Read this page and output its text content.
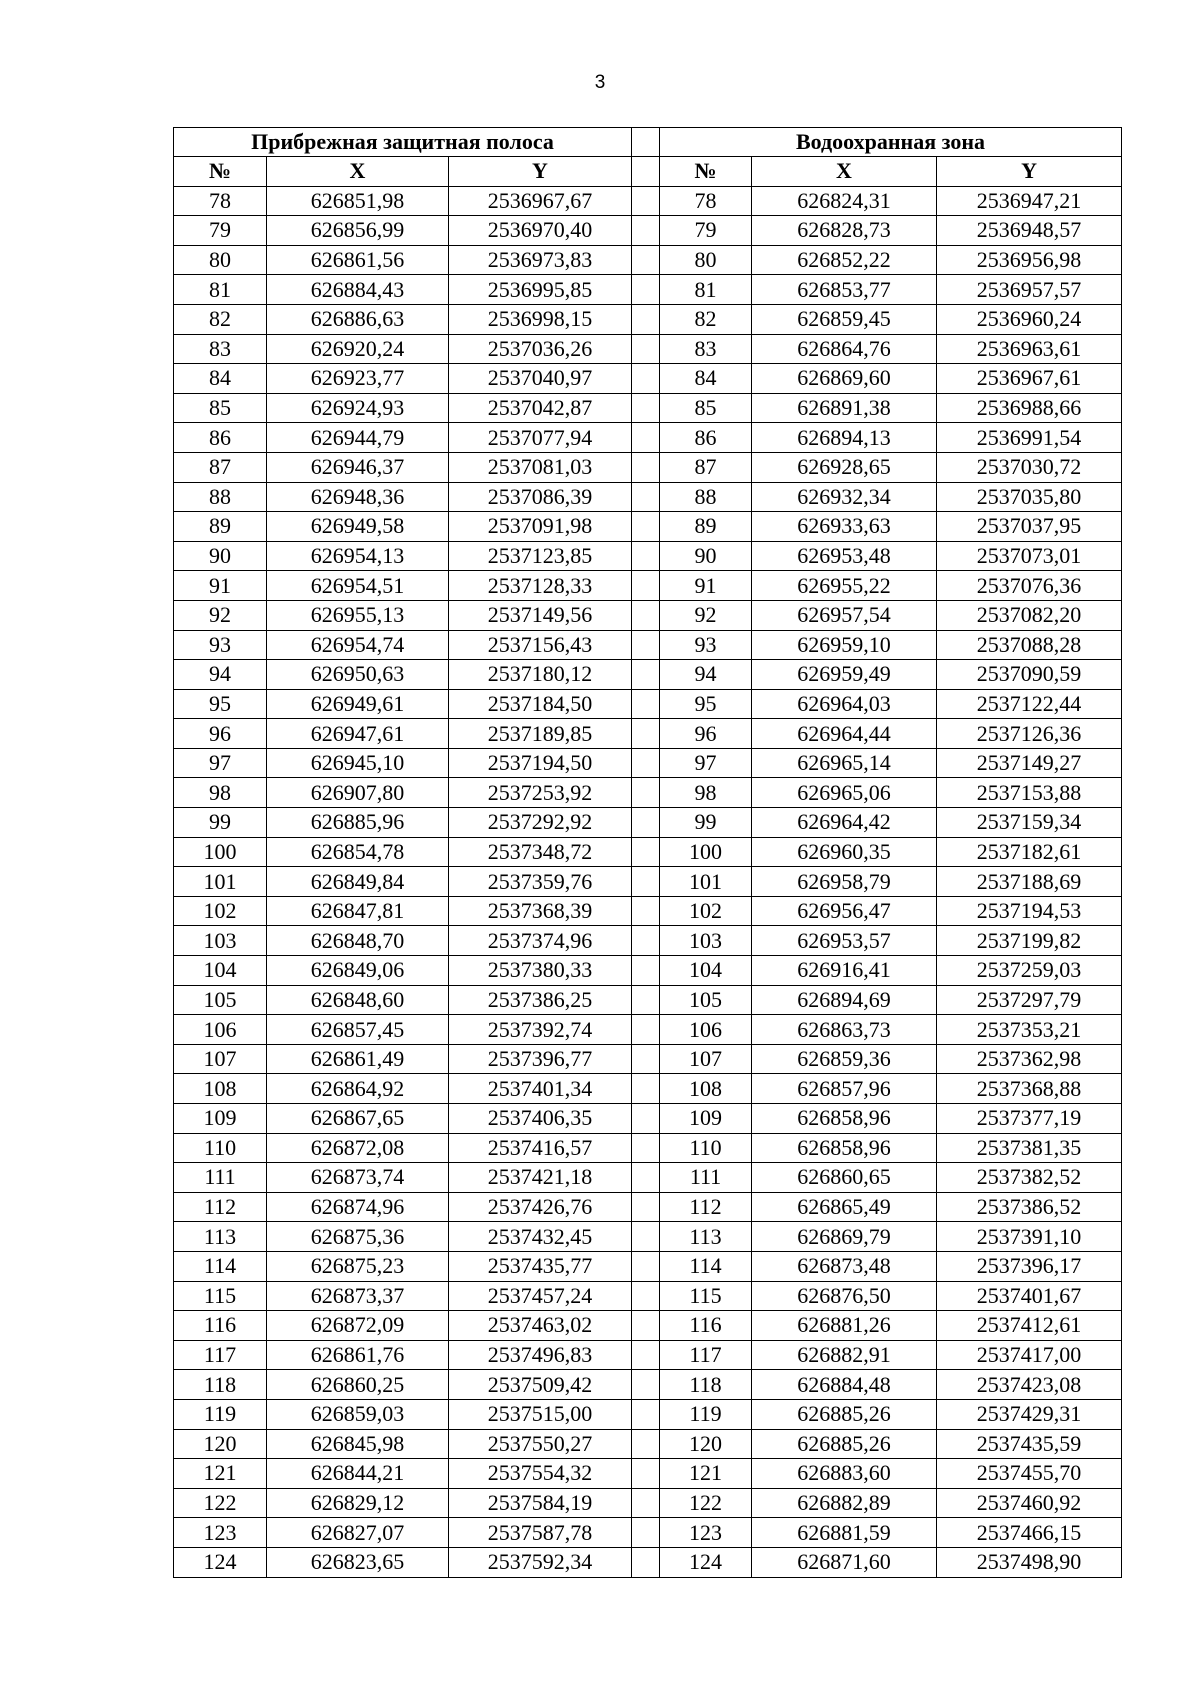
3
Прибрежная защитная полоса				Водоохранная зона		
№	X	Y		№	X	Y
78	626851,98	2536967,67		78	626824,31	2536947,21
79	626856,99	2536970,40		79	626828,73	2536948,57
80	626861,56	2536973,83		80	626852,22	2536956,98
81	626884,43	2536995,85		81	626853,77	2536957,57
82	626886,63	2536998,15		82	626859,45	2536960,24
83	626920,24	2537036,26		83	626864,76	2536963,61
84	626923,77	2537040,97		84	626869,60	2536967,61
85	626924,93	2537042,87		85	626891,38	2536988,66
86	626944,79	2537077,94		86	626894,13	2536991,54
87	626946,37	2537081,03		87	626928,65	2537030,72
88	626948,36	2537086,39		88	626932,34	2537035,80
89	626949,58	2537091,98		89	626933,63	2537037,95
90	626954,13	2537123,85		90	626953,48	2537073,01
91	626954,51	2537128,33		91	626955,22	2537076,36
92	626955,13	2537149,56		92	626957,54	2537082,20
93	626954,74	2537156,43		93	626959,10	2537088,28
94	626950,63	2537180,12		94	626959,49	2537090,59
95	626949,61	2537184,50		95	626964,03	2537122,44
96	626947,61	2537189,85		96	626964,44	2537126,36
97	626945,10	2537194,50		97	626965,14	2537149,27
98	626907,80	2537253,92		98	626965,06	2537153,88
99	626885,96	2537292,92		99	626964,42	2537159,34
100	626854,78	2537348,72		100	626960,35	2537182,61
101	626849,84	2537359,76		101	626958,79	2537188,69
102	626847,81	2537368,39		102	626956,47	2537194,53
103	626848,70	2537374,96		103	626953,57	2537199,82
104	626849,06	2537380,33		104	626916,41	2537259,03
105	626848,60	2537386,25		105	626894,69	2537297,79
106	626857,45	2537392,74		106	626863,73	2537353,21
107	626861,49	2537396,77		107	626859,36	2537362,98
108	626864,92	2537401,34		108	626857,96	2537368,88
109	626867,65	2537406,35		109	626858,96	2537377,19
110	626872,08	2537416,57		110	626858,96	2537381,35
111	626873,74	2537421,18		111	626860,65	2537382,52
112	626874,96	2537426,76		112	626865,49	2537386,52
113	626875,36	2537432,45		113	626869,79	2537391,10
114	626875,23	2537435,77		114	626873,48	2537396,17
115	626873,37	2537457,24		115	626876,50	2537401,67
116	626872,09	2537463,02		116	626881,26	2537412,61
117	626861,76	2537496,83		117	626882,91	2537417,00
118	626860,25	2537509,42		118	626884,48	2537423,08
119	626859,03	2537515,00		119	626885,26	2537429,31
120	626845,98	2537550,27		120	626885,26	2537435,59
121	626844,21	2537554,32		121	626883,60	2537455,70
122	626829,12	2537584,19		122	626882,89	2537460,92
123	626827,07	2537587,78		123	626881,59	2537466,15
124	626823,65	2537592,34		124	626871,60	2537498,90
